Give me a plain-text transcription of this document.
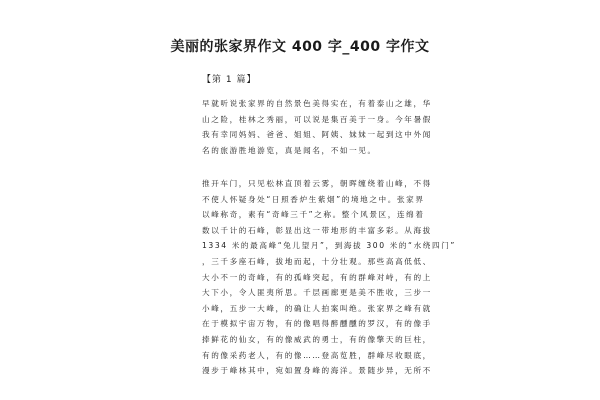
美丽的张家界作文 400 字_400 字作文
【第 1 篇】
早就听说张家界的自然景色美得实在，有着泰山之雄，华
山之险，桂林之秀丽，可以说是集百美于一身。今年暑假
我有幸同妈妈、爸爸、姐姐、阿姨、妹妹一起到这中外闻
名的旅游胜地游览，真是闻名，不如一见。
推开车门，只见松林直顶着云雾，朝晖缠绕着山峰，不得
不使人怀疑身处“日照香炉生紫烟”的境地之中。张家界
以峰称奇，素有“奇峰三千”之称。整个风景区，连绵着
数以千计的石峰，彰显出这一带地形的丰富多彩。从海拔
1334 米的最高峰“兔儿望月”，到海拔 300 米的“水绕四门”
，三千多座石峰，拔地而起，十分壮观。那些高高低低、
大小不一的奇峰，有的孤峰突起，有的群峰对峙，有的上
大下小，令人匪夷所思。千层画廊更是美不胜收，三步一
小峰，五步一大峰，的确让人拍案叫绝。张家界之峰有就
在于模拟宇宙万物，有的像唱得醉醺醺的罗汉，有的像手
捧鲜花的仙女，有的像威武的勇士，有的像擎天的巨柱，
有的像采药老人，有的像……登高览胜，群峰尽收眼底，
漫步于峰林其中，宛如置身峰的海洋。景随步异，无所不
